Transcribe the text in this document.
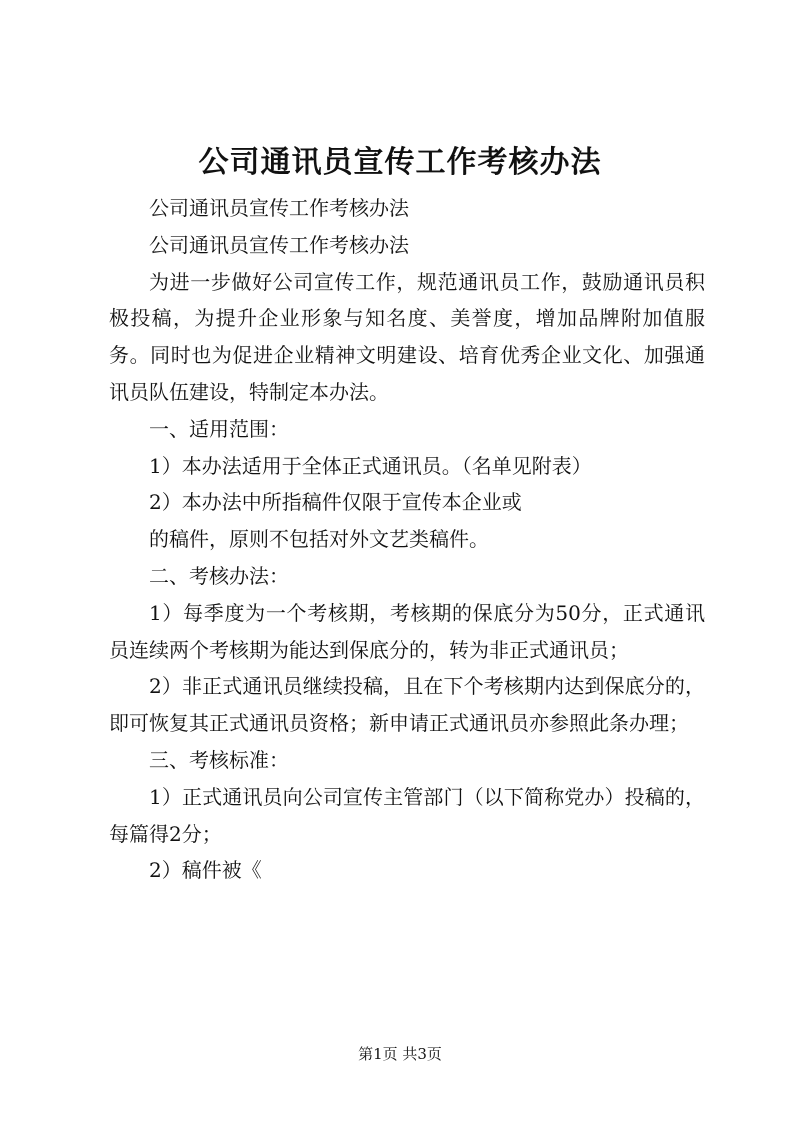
公司通讯员宣传工作考核办法

公司通讯员宣传工作考核办法

公司通讯员宣传工作考核办法

为进一步做好公司宣传工作，规范通讯员工作，鼓励通讯员积极投稿，为提升企业形象与知名度、美誉度，增加品牌附加值服务。同时也为促进企业精神文明建设、培育优秀企业文化、加强通讯员队伍建设，特制定本办法。

一、适用范围：

1）本办法适用于全体正式通讯员。（名单见附表）

2）本办法中所指稿件仅限于宣传本企业或

的稿件，原则不包括对外文艺类稿件。

二、考核办法：

1）每季度为一个考核期，考核期的保底分为50分，正式通讯员连续两个考核期为能达到保底分的，转为非正式通讯员；

2）非正式通讯员继续投稿，且在下个考核期内达到保底分的，即可恢复其正式通讯员资格；新申请正式通讯员亦参照此条办理；

三、考核标准：

1）正式通讯员向公司宣传主管部门（以下简称党办）投稿的，每篇得2分；

2）稿件被《

第1页 共3页
